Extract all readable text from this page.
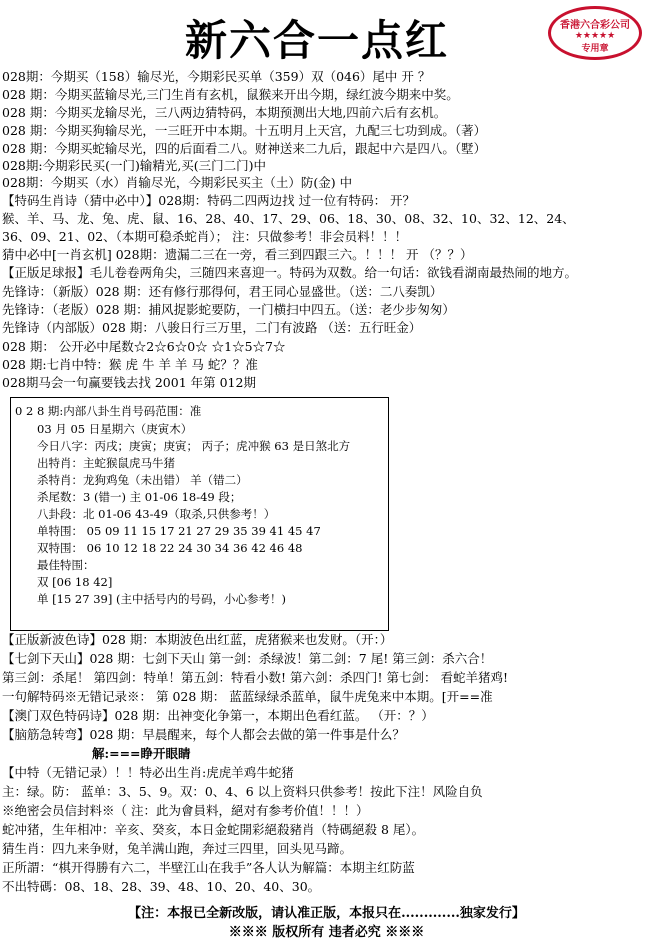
新六合一点红	香港六合彩公司
★★★★★
专用章
028期：今期买（158）输尽光，今期彩民买单（359）双（046）尾中 开 ？
028 期：今期买蓝输尽光,三门生肖有玄机，鼠猴来开出今期，绿红波今期来中奖。
028 期：今期买龙输尽光，三八两边猜特码，本期预测出大地,四前六后有玄机。
028 期：今期买狗输尽光，一三旺开中本期。十五明月上天宫，九配三七功到成。（著）
028 期：今期买蛇输尽光，四的后面看二八。财神送来二九后，跟起中六是四八。（墅）
028期:今期彩民买(一门)输精光,买(三门二门)中
028期：今期买（水）肖输尽光，今期彩民买主（土）防(金) 中
【特码生肖诗（猜中必中）】028期：特码二四两边找 过一位有特码： 开？
猴、羊、马、龙、兔、虎、鼠、16、28、40、17、29、06、18、30、08、32、10、32、12、24、
36、09、21、02、（本期可稳杀蛇肖）； 注：只做参考！非会员料！！！
猜中必中[一肖玄机] 028期：遗漏二三在一旁，看三到四跟三六。！！！ 开 （？？）
【正版足球报】毛儿卷卷两角尖，三随四来喜迎一。特码为双数。给一句话：欲钱看湖南最热闹的地方。
先锋诗：（新版）028 期：还有修行那得何，君王同心显盛世。（送：二八奏凯）
先锋诗：（老版）028 期：捕风捉影蛇要防，一门横扫中四五。（送：老少步匆匆）
先锋诗（内部版）028 期：八骏日行三万里，二门有波路 （送：五行旺金）
028 期： 公开必中尾数☆2☆6☆0☆ ☆1☆5☆7☆
028 期:七肖中特：猴 虎 牛 羊 羊 马 蛇？？准
028期马会一句赢要钱去找 2001 年第 012期
0 2 8 期:内部八卦生肖号码范围：准
03 月 05 日星期六（庚寅木）
今日八字：丙戌；庚寅；庚寅； 丙子；虎冲猴 63 是日煞北方
出特肖：主蛇猴鼠虎马牛猪
杀特肖：龙狗鸡兔（未出错） 羊（错二）
杀尾数：3 (错一) 主 01-06 18-49 段；
八卦段：北 01-06 43-49（取杀,只供参考！）
单特围： 05 09 11 15 17 21 27 29 35 39 41 45 47
双特围： 06 10 12 18 22 24 30 34 36 42 46 48
最佳特围：
双 [06 18 42]
单 [15 27 39] (主中括号内的号码，小心参考！)
【正版新波色诗】028 期：本期波色出红蓝，虎猪猴来也发财。（开：）
【七剑下天山】028 期：七剑下天山 第一剑：杀绿波！第二剑：7 尾! 第三剑：杀六合！
第三剑：杀尾！ 第四剑：特单！第五剑：特看小数! 第六剑：杀四门! 第七剑： 看蛇羊猪鸡!
一句解特码※无错记录※： 第 028 期： 蓝蓝绿绿杀蓝单，鼠牛虎兔来中本期。[开==准
【澳门双色特码诗】028 期：出神变化争第一，本期出色看红蓝。 （开：？）
【脑筋急转弯】028 期：早晨醒来，每个人都会去做的第一件事是什么？
解:===睁开眼睛
【中特（无错记录）！！特必出生肖:虎虎羊鸡牛蛇猪
主：绿。防： 蓝单：3、5、9。双：0、4、6 以上资料只供参考！按此下注！风险自负
※绝密会员信封料※（ 注：此为會員料，絕对有参考价值！！！）
蛇冲猪，生年相冲：辛亥、癸亥，本日金蛇開彩絕殺豬肖（特碼絕殺 8 尾）。
猜生肖：四九来争财，兔羊满山跑，奔过三四里，回头见马蹄。
正所謂：“棋开得勝有六二，半壁江山在我手”各人认为解篇：本期主红防蓝
不出特碼：08、18、28、39、48、10、20、40、30。
【注：本报已全新改版，请认准正版，本报只在.............独家发行】
※※※ 版权所有 违者必究 ※※※
